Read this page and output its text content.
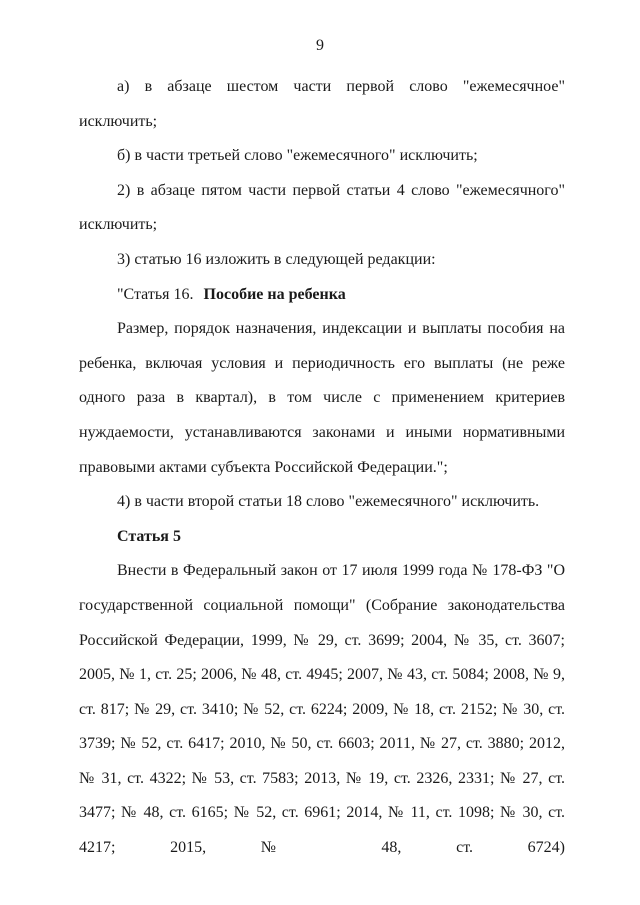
9

а) в абзаце шестом части первой слово "ежемесячное" исключить;

б) в части третьей слово "ежемесячного" исключить;

2) в абзаце пятом части первой статьи 4 слово "ежемесячного" исключить;

3) статью 16 изложить в следующей редакции:

"Статья 16. Пособие на ребенка

Размер, порядок назначения, индексации и выплаты пособия на ребенка, включая условия и периодичность его выплаты (не реже одного раза в квартал), в том числе с применением критериев нуждаемости, устанавливаются законами и иными нормативными правовыми актами субъекта Российской Федерации.";

4) в части второй статьи 18 слово "ежемесячного" исключить.

Статья 5

Внести в Федеральный закон от 17 июля 1999 года № 178-ФЗ "О государственной социальной помощи" (Собрание законодательства Российской Федерации, 1999, № 29, ст. 3699; 2004, № 35, ст. 3607; 2005, № 1, ст. 25; 2006, № 48, ст. 4945; 2007, № 43, ст. 5084; 2008, № 9, ст. 817; № 29, ст. 3410; № 52, ст. 6224; 2009, № 18, ст. 2152; № 30, ст. 3739; № 52, ст. 6417; 2010, № 50, ст. 6603; 2011, № 27, ст. 3880; 2012, № 31, ст. 4322; № 53, ст. 7583; 2013, № 19, ст. 2326, 2331; № 27, ст. 3477; № 48, ст. 6165; № 52, ст. 6961; 2014, № 11, ст. 1098; № 30, ст. 4217; 2015, № 48, ст. 6724)
